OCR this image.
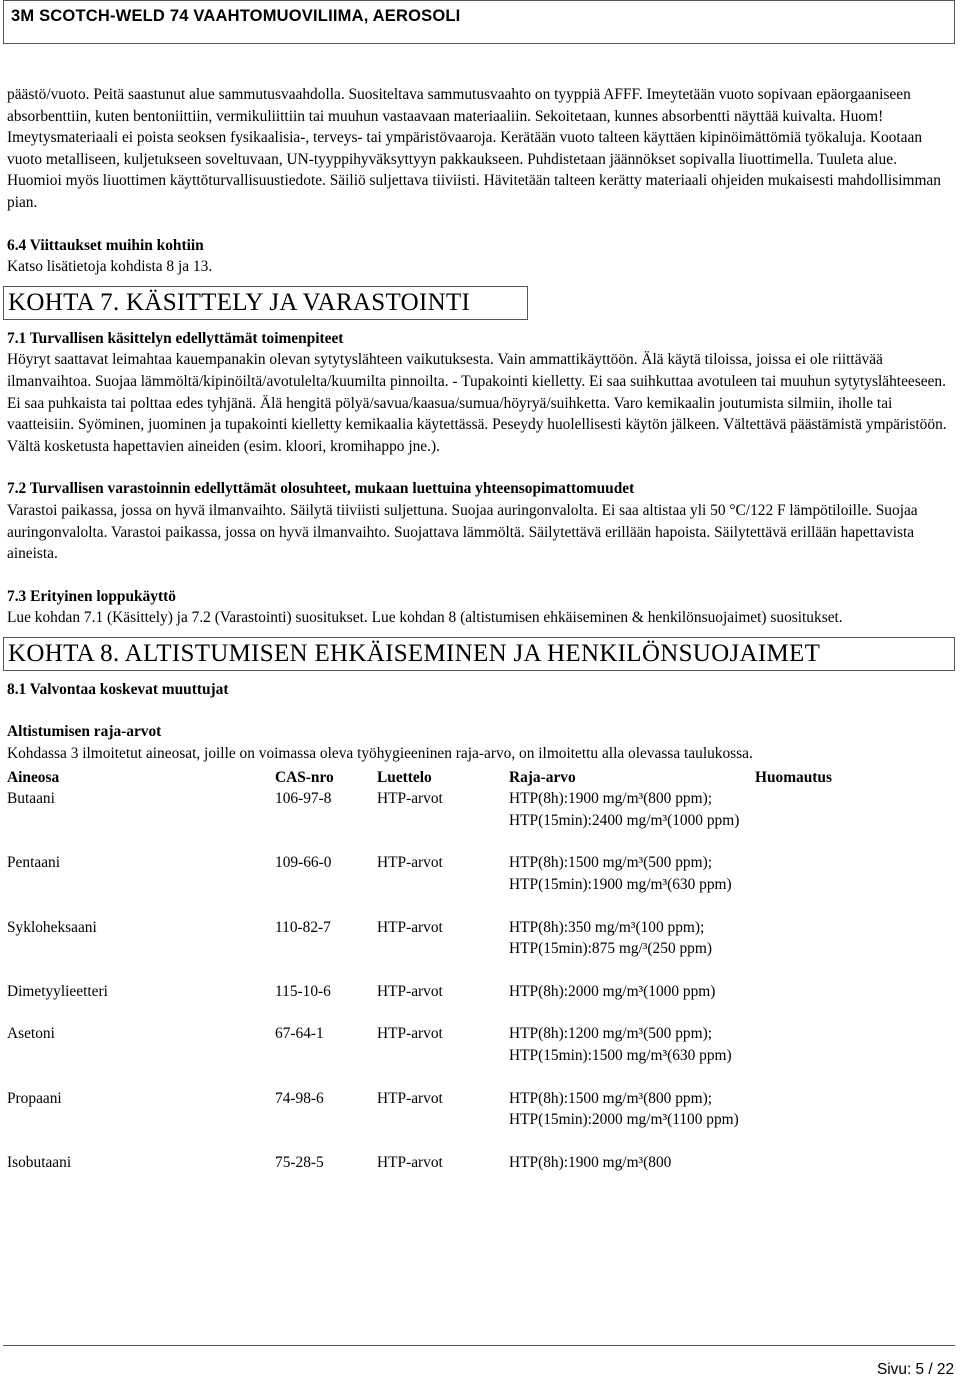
3M SCOTCH-WELD 74 VAAHTOMUOVILIIMA, AEROSOLI

päästö/vuoto. Peitä saastunut alue sammutusvaahdolla. Suositeltava sammutusvaahto on tyyppiä AFFF. Imeytetään vuoto sopivaan epäorgaaniseen absorbenttiin, kuten bentoniittiin, vermikuliittiin tai muuhun vastaavaan materiaaliin. Sekoitetaan, kunnes absorbentti näyttää kuivalta. Huom! Imeytysmateriaali ei poista seoksen fysikaalisia-, terveys- tai ympäristövaaroja. Kerätään vuoto talteen käyttäen kipinöimättömiä työkaluja. Kootaan vuoto metalliseen, kuljetukseen soveltuvaan, UN-tyyppihyväksyttyyn pakkaukseen. Puhdistetaan jäännökset sopivalla liuottimella. Tuuleta alue. Huomioi myös liuottimen käyttöturvallisuustiedote. Säiliö suljettava tiiviisti. Hävitetään talteen kerätty materiaali ohjeiden mukaisesti mahdollisimman pian.

6.4 Viittaukset muihin kohtiin

Katso lisätietoja kohdista 8 ja 13.

KOHTA 7. KÄSITTELY JA VARASTOINTI

7.1 Turvallisen käsittelyn edellyttämät toimenpiteet

Höyryt saattavat leimahtaa kauempanakin olevan sytytyslähteen vaikutuksesta. Vain ammattikäyttöön. Älä käytä tiloissa, joissa ei ole riittävää ilmanvaihtoa. Suojaa lämmöltä/kipinöiltä/avotulelta/kuumilta pinnoilta. - Tupakointi kielletty. Ei saa suihkuttaa avotuleen tai muuhun sytytyslähteeseen. Ei saa puhkaista tai polttaa edes tyhjänä. Älä hengitä pölyä/savua/kaasua/sumua/höyryä/suihketta. Varo kemikaalin joutumista silmiin, iholle tai vaatteisiin. Syöminen, juominen ja tupakointi kielletty kemikaalia käytettässä. Peseydy huolellisesti käytön jälkeen. Vältettävä päästämistä ympäristöön. Vältä kosketusta hapettavien aineiden (esim. kloori, kromihappo jne.).

7.2 Turvallisen varastoinnin edellyttämät olosuhteet, mukaan luettuina yhteensopimattomuudet

Varastoi paikassa, jossa on hyvä ilmanvaihto. Säilytä tiiviisti suljettuna. Suojaa auringonvalolta. Ei saa altistaa yli 50 °C/122 F lämpötiloille. Suojaa auringonvalolta. Varastoi paikassa, jossa on hyvä ilmanvaihto. Suojattava lämmöltä. Säilytettävä erillään hapoista. Säilytettävä erillään hapettavista aineista.

7.3 Erityinen loppukäyttö

Lue kohdan 7.1 (Käsittely) ja 7.2 (Varastointi) suositukset. Lue kohdan 8 (altistumisen ehkäiseminen & henkilönsuojaimet) suositukset.

KOHTA 8. ALTISTUMISEN EHKÄISEMINEN JA HENKILÖNSUOJAIMET

8.1 Valvontaa koskevat muuttujat

Altistumisen raja-arvot

Kohdassa 3 ilmoitetut aineosat, joille on voimassa oleva työhygieeninen raja-arvo, on ilmoitettu alla olevassa taulukossa.

Aineosa	CAS-nro	Luettelo	Raja-arvo	Huomautus
Butaani	106-97-8	HTP-arvot	HTP(8h):1900 mg/m³(800 ppm); HTP(15min):2400 mg/m³(1000 ppm)	
Pentaani	109-66-0	HTP-arvot	HTP(8h):1500 mg/m³(500 ppm); HTP(15min):1900 mg/m³(630 ppm)	
Sykloheksaani	110-82-7	HTP-arvot	HTP(8h):350 mg/m³(100 ppm); HTP(15min):875 mg/³(250 ppm)	
Dimetyylieetteri	115-10-6	HTP-arvot	HTP(8h):2000 mg/m³(1000 ppm)	
Asetoni	67-64-1	HTP-arvot	HTP(8h):1200 mg/m³(500 ppm); HTP(15min):1500 mg/m³(630 ppm)	
Propaani	74-98-6	HTP-arvot	HTP(8h):1500 mg/m³(800 ppm); HTP(15min):2000 mg/m³(1100 ppm)	
Isobutaani	75-28-5	HTP-arvot	HTP(8h):1900 mg/m³(800	
Sivu: 5 / 22
